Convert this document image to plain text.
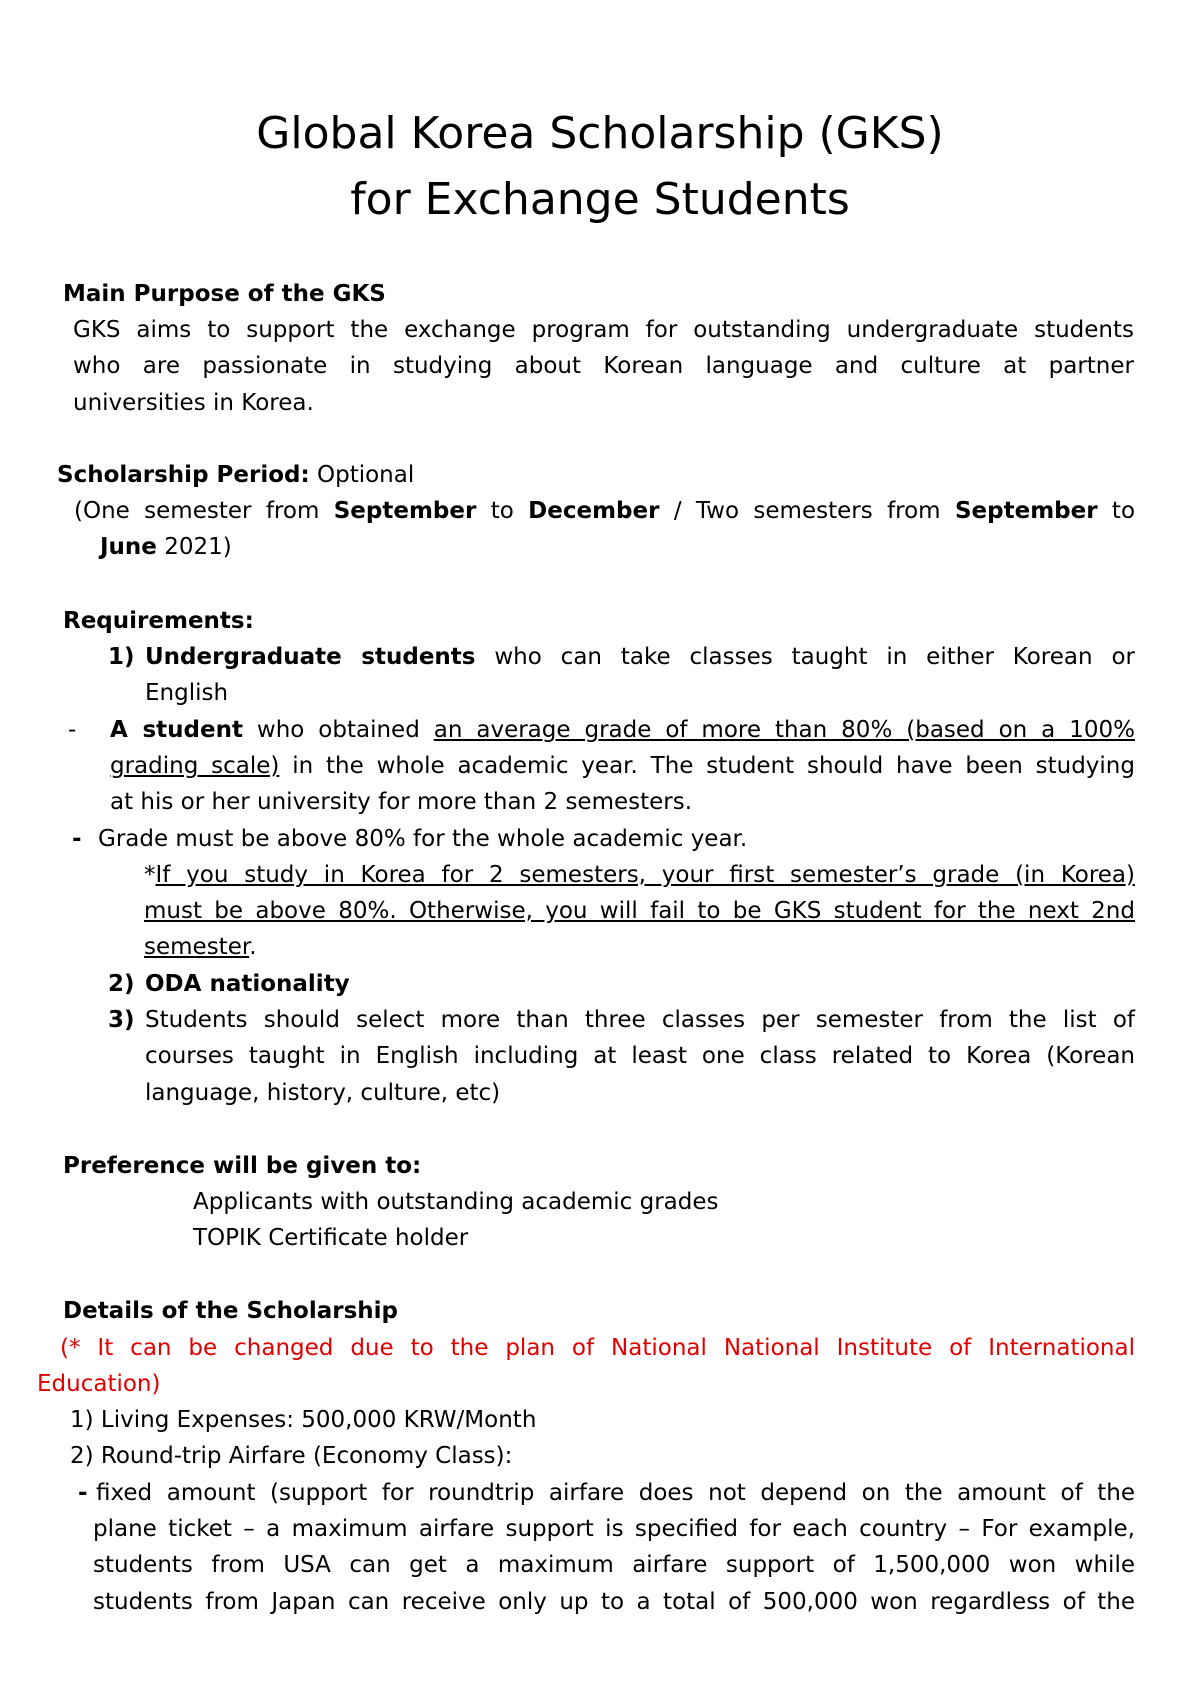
Global Korea Scholarship (GKS)
for Exchange Students
Main Purpose of the GKS
GKS aims to support the exchange program for outstanding undergraduate students
who are passionate in studying about Korean language and culture at partner
universities in Korea.
Scholarship Period: Optional
(One semester from September to December / Two semesters from September to
June 2021)
Requirements:
1) Undergraduate students who can take classes taught in either Korean or
English
- A student who obtained an average grade of more than 80% (based on a 100%
grading scale) in the whole academic year. The student should have been studying
at his or her university for more than 2 semesters.
- Grade must be above 80% for the whole academic year.
*If you study in Korea for 2 semesters, your first semester’s grade (in Korea)
must be above 80%. Otherwise, you will fail to be GKS student for the next 2nd
semester.
2) ODA nationality
3) Students should select more than three classes per semester from the list of
courses taught in English including at least one class related to Korea (Korean
language, history, culture, etc)
Preference will be given to:
Applicants with outstanding academic grades
TOPIK Certificate holder
Details of the Scholarship
(* It can be changed due to the plan of National National Institute of International
Education)
1) Living Expenses: 500,000 KRW/Month
2) Round-trip Airfare (Economy Class):
- fixed amount (support for roundtrip airfare does not depend on the amount of the
plane ticket – a maximum airfare support is specified for each country – For example,
students from USA can get a maximum airfare support of 1,500,000 won while
students from Japan can receive only up to a total of 500,000 won regardless of the
